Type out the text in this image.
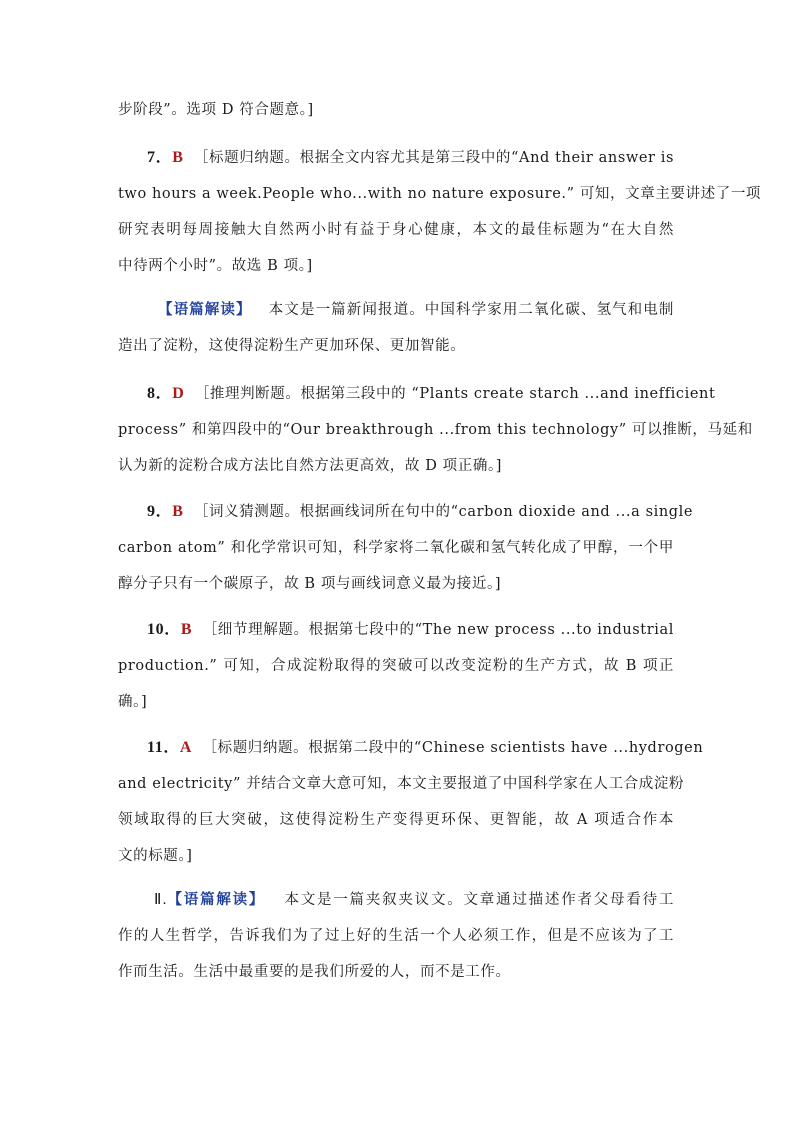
步阶段”。选项 D 符合题意。]
7．B ［标题归纳题。根据全文内容尤其是第三段中的“And their answer is
two hours a week.People who...with no nature exposure.” 可知，文章主要讲述了一项
研究表明每周接触大自然两小时有益于身心健康，本文的最佳标题为“在大自然
中待两个小时”。故选 B 项。]
【语篇解读】 本文是一篇新闻报道。中国科学家用二氧化碳、氢气和电制
造出了淀粉，这使得淀粉生产更加环保、更加智能。
8．D ［推理判断题。根据第三段中的 “Plants create starch ...and inefficient
process” 和第四段中的“Our breakthrough ...from this technology” 可以推断，马延和
认为新的淀粉合成方法比自然方法更高效，故 D 项正确。]
9．B ［词义猜测题。根据画线词所在句中的“carbon dioxide and ...a single
carbon atom” 和化学常识可知，科学家将二氧化碳和氢气转化成了甲醇，一个甲
醇分子只有一个碳原子，故 B 项与画线词意义最为接近。]
10．B ［细节理解题。根据第七段中的“The new process ...to industrial
production.” 可知，合成淀粉取得的突破可以改变淀粉的生产方式，故 B 项正
确。]
11．A ［标题归纳题。根据第二段中的“Chinese scientists have ...hydrogen
and electricity” 并结合文章大意可知，本文主要报道了中国科学家在人工合成淀粉
领域取得的巨大突破，这使得淀粉生产变得更环保、更智能，故 A 项适合作本
文的标题。]
Ⅱ.【语篇解读】 本文是一篇夹叙夹议文。文章通过描述作者父母看待工
作的人生哲学，告诉我们为了过上好的生活一个人必须工作，但是不应该为了工
作而生活。生活中最重要的是我们所爱的人，而不是工作。
